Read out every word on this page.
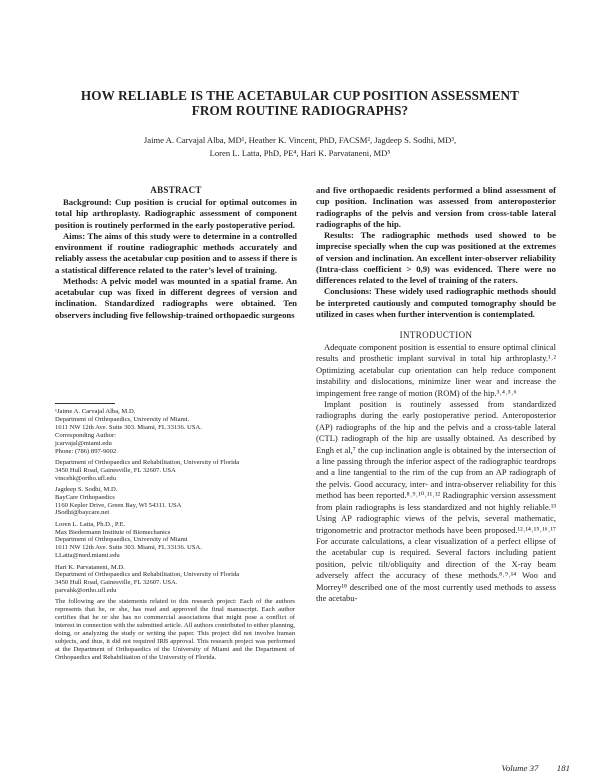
HOW RELIABLE IS THE ACETABULAR CUP POSITION ASSESSMENT
FROM ROUTINE RADIOGRAPHS?
Jaime A. Carvajal Alba, MD¹, Heather K. Vincent, PhD, FACSM², Jagdeep S. Sodhi, MD³,
Loren L. Latta, PhD, PE⁴, Hari K. Parvataneni, MD⁵
ABSTRACT

Background: Cup position is crucial for optimal outcomes in total hip arthroplasty. Radiographic assessment of component position is routinely performed in the early postoperative period.

Aims: The aims of this study were to determine in a controlled environment if routine radiographic methods accurately and reliably assess the acetabular cup position and to assess if there is a statistical difference related to the rater’s level of training.

Methods: A pelvic model was mounted in a spatial frame. An acetabular cup was fixed in different degrees of version and inclination. Standardized radiographs were obtained. Ten observers including five fellowship-trained orthopaedic surgeons

and five orthopaedic residents performed a blind assessment of cup position. Inclination was assessed from anteroposterior radiographs of the pelvis and version from cross-table lateral radiographs of the hip.

Results: The radiographic methods used showed to be imprecise specially when the cup was positioned at the extremes of version and inclination. An excellent inter-observer reliability (Intra-class coefficient > 0,9) was evidenced. There were no differences related to the level of training of the raters.

Conclusions: These widely used radiographic methods should be interpreted cautiously and computed tomography should be utilized in cases when further intervention is contemplated.

INTRODUCTION

Adequate component position is essential to ensure optimal clinical results and prosthetic implant survival in total hip arthroplasty.¹˒² Optimizing acetabular cup orientation can help reduce component instability and dislocations, minimize liner wear and increase the impingement free range of motion (ROM) of the hip.³˒⁴˒⁵˒⁶

Implant position is routinely assessed from standardized radiographs during the early postoperative period. Anteroposterior (AP) radiographs of the hip and the pelvis and a cross-table lateral (CTL) radiograph of the hip are usually obtained. As described by Engh et al,⁷ the cup inclination angle is obtained by the intersection of a line passing through the inferior aspect of the radiographic teardrops and a line tangential to the rim of the cup from an AP radiograph of the pelvis. Good accuracy, inter- and intra-observer reliability for this method has been reported.⁸˒⁹˒¹⁰˒¹¹˒¹² Radiographic version assessment from plain radiographs is less standardized and not highly reliable.¹³ Using AP radiographic views of the pelvis, several mathematic, trigonometric and protractor methods have been proposed.¹²˒¹⁴˒¹⁵˒¹⁶˒¹⁷ For accurate calculations, a clear visualization of a perfect ellipse of the acetabular cup is required. Several factors including patient position, pelvic tilt/obliquity and direction of the X-ray beam adversely affect the accuracy of these methods.⁸˒⁹˒¹⁴ Woo and Morrey¹⁸ described one of the most currently used methods to assess the acetabu-

¹Jaime A. Carvajal Alba, M.D.
Department of Orthopaedics, University of Miami.
1611 NW 12th Ave. Suite 303. Miami, FL 33136. USA.
Corresponding Author:
jcarvajal@miami.edu
Phone: (786) 897-9002
Department of Orthopaedics and Rehabilitation, University of Florida
3450 Hull Road, Gainesville, FL 32607. USA
vincehk@ortho.ufl.edu
Jagdeep S. Sodhi, M.D.
BayCare Orthopaedics
1160 Kepler Drive, Green Bay, WI 54311. USA
JSodhi@baycare.net
Loren L. Latta, Ph.D., P.E.
Max Biedermann Institute of Biomechanics
Department of Orthopaedics, University of Miami
1611 NW 12th Ave. Suite 303. Miami, FL 33136. USA.
LLatta@med.miami.edu
Hari K. Parvataneni, M.D.
Department of Orthopaedics and Rehabilitation, University of Florida
3450 Hull Road, Gainesville, FL 32607. USA.
parvahk@ortho.ufl.edu
The following are the statements related to this research project: Each of the authors represents that he, or she, has read and approved the final manuscript. Each author certifies that he or she has no commercial associations that might pose a conflict of interest in connection with the submitted article. All authors contributed to either planning, doing, or analyzing the study or writing the paper. This project did not involve human subjects, and thus, it did not required IRB approval. This research project was performed at the Department of Orthopaedics of the University of Miami and the Department of Orthopaedics and Rehabilitation of the University of Florida.
Volume 37 181
